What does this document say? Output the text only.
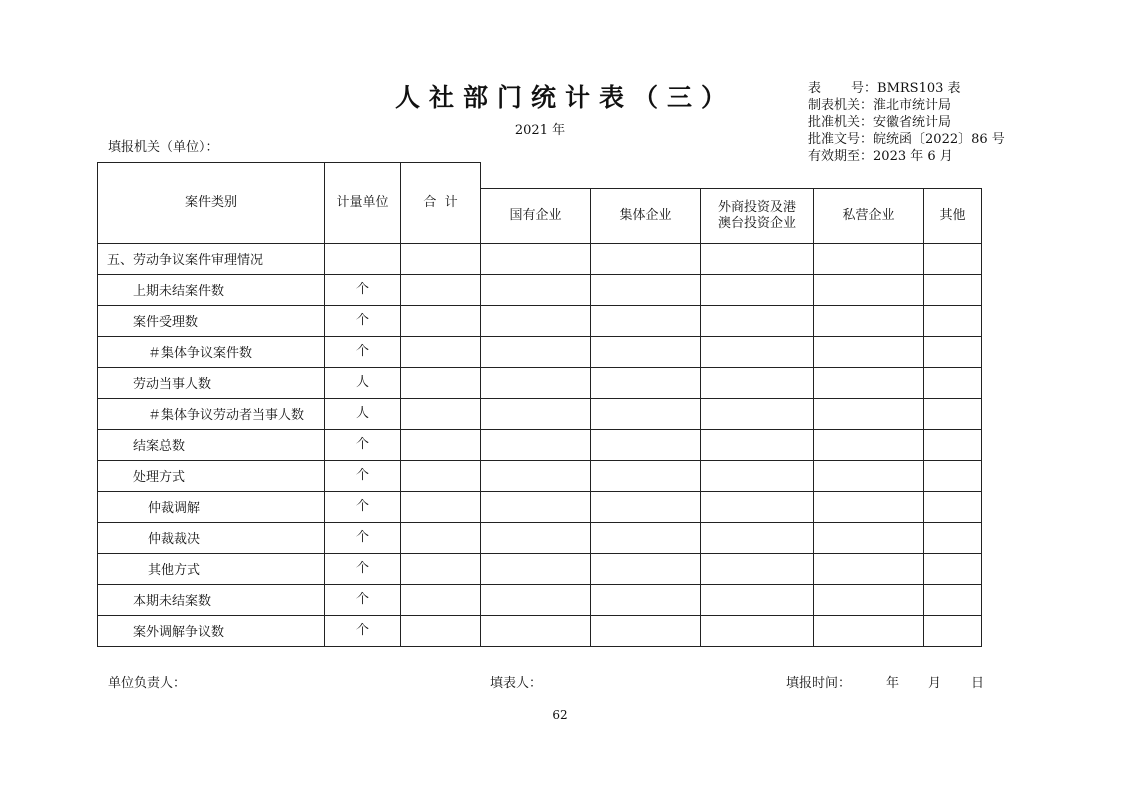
人社部门统计表（三）
2021 年
填报机关（单位）：
表号 ： BMRS103 表
制表机关 ： 淮北市统计局
批准机关 ： 安徽省统计局
批准文号 ： 皖统函〔2022〕86 号
有效期至 ： 2023 年 6 月
案件类别	计量单位	合  计					
			国有企业	集体企业	外商投资及港澳台投资企业	私营企业	其他
五、劳动争议案件审理情况							
上期未结案件数	个						
案件受理数	个						
＃集体争议案件数	个						
劳动当事人数	人						
＃集体争议劳动者当事人数	人						
结案总数	个						
处理方式	个						
仲裁调解	个						
仲裁裁决	个						
其他方式	个						
本期未结案数	个						
案外调解争议数	个						
单位负责人：	填表人：	填报时间：	年 月 日
62
